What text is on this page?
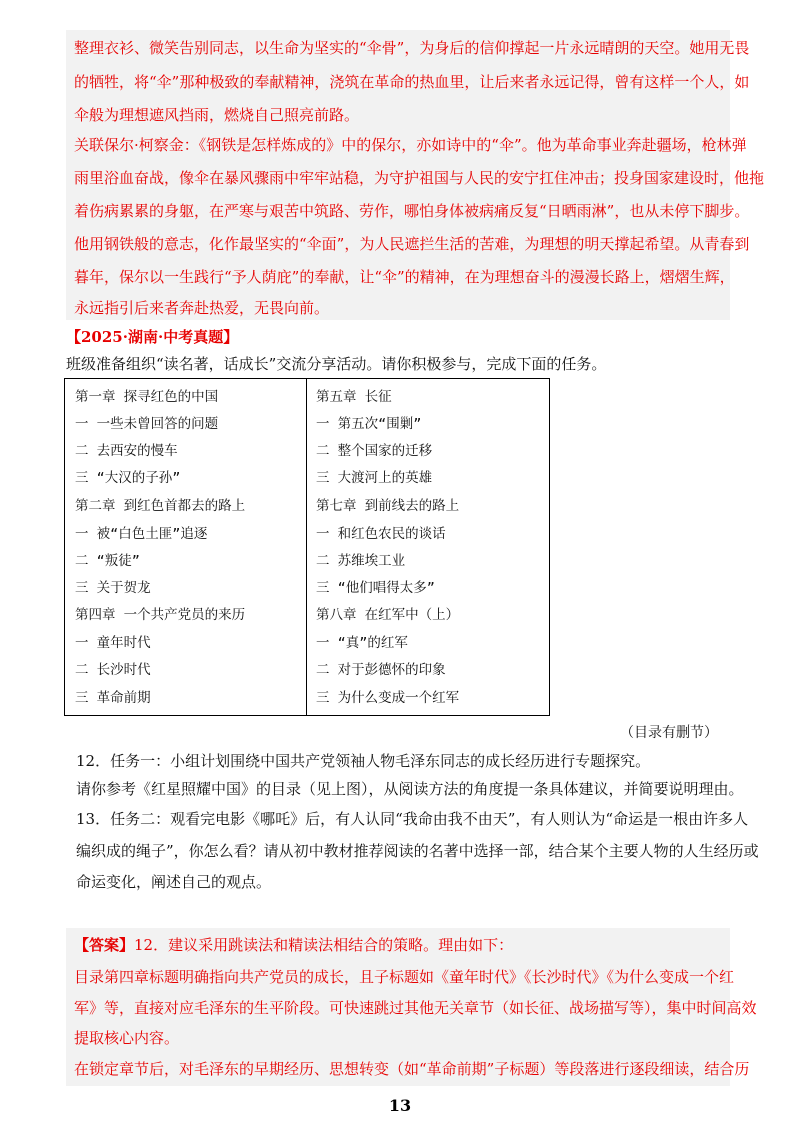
整理衣衫、微笑告别同志，以生命为坚实的“伞骨”，为身后的信仰撑起一片永远晴朗的天空。她用无畏
的牺牲，将“伞”那种极致的奉献精神，浇筑在革命的热血里，让后来者永远记得，曾有这样一个人，如
伞般为理想遮风挡雨，燃烧自己照亮前路。
关联保尔·柯察金：《钢铁是怎样炼成的》中的保尔，亦如诗中的“伞”。他为革命事业奔赴疆场，枪林弹
雨里浴血奋战，像伞在暴风骤雨中牢牢站稳，为守护祖国与人民的安宁扛住冲击；投身国家建设时，他拖
着伤病累累的身躯，在严寒与艰苦中筑路、劳作，哪怕身体被病痛反复“日晒雨淋”，也从未停下脚步。
他用钢铁般的意志，化作最坚实的“伞面”，为人民遮拦生活的苦难，为理想的明天撑起希望。从青春到
暮年，保尔以一生践行“予人荫庇”的奉献，让“伞”的精神，在为理想奋斗的漫漫长路上，熠熠生辉，
永远指引后来者奔赴热爱，无畏向前。
【2025·湖南·中考真题】
班级准备组织“读名著，话成长”交流分享活动。请你积极参与，完成下面的任务。
第一章 探寻红色的中国
一 一些未曾回答的问题
二 去西安的慢车
三 “大汉的子孙”
第二章 到红色首都去的路上
一 被“白色土匪”追逐
二 “叛徒”
三 关于贺龙
第四章 一个共产党员的来历
一 童年时代
二 长沙时代
三 革命前期
第五章 长征
一 第五次“围剿”
二 整个国家的迁移
三 大渡河上的英雄
第七章 到前线去的路上
一 和红色农民的谈话
二 苏维埃工业
三 “他们唱得太多”
第八章 在红军中（上）
一 “真”的红军
二 对于彭德怀的印象
三 为什么变成一个红军
（目录有删节）
12．任务一：小组计划围绕中国共产党领袖人物毛泽东同志的成长经历进行专题探究。
请你参考《红星照耀中国》的目录（见上图），从阅读方法的角度提一条具体建议，并简要说明理由。
13．任务二：观看完电影《哪吒》后，有人认同“我命由我不由天”，有人则认为“命运是一根由许多人
编织成的绳子”，你怎么看？请从初中教材推荐阅读的名著中选择一部，结合某个主要人物的人生经历或
命运变化，阐述自己的观点。
【答案】12．建议采用跳读法和精读法相结合的策略。理由如下：
目录第四章标题明确指向共产党员的成长，且子标题如《童年时代》《长沙时代》《为什么变成一个红
军》等，直接对应毛泽东的生平阶段。可快速跳过其他无关章节（如长征、战场描写等），集中时间高效
提取核心内容。
在锁定章节后，对毛泽东的早期经历、思想转变（如“革命前期”子标题）等段落进行逐段细读，结合历
13
